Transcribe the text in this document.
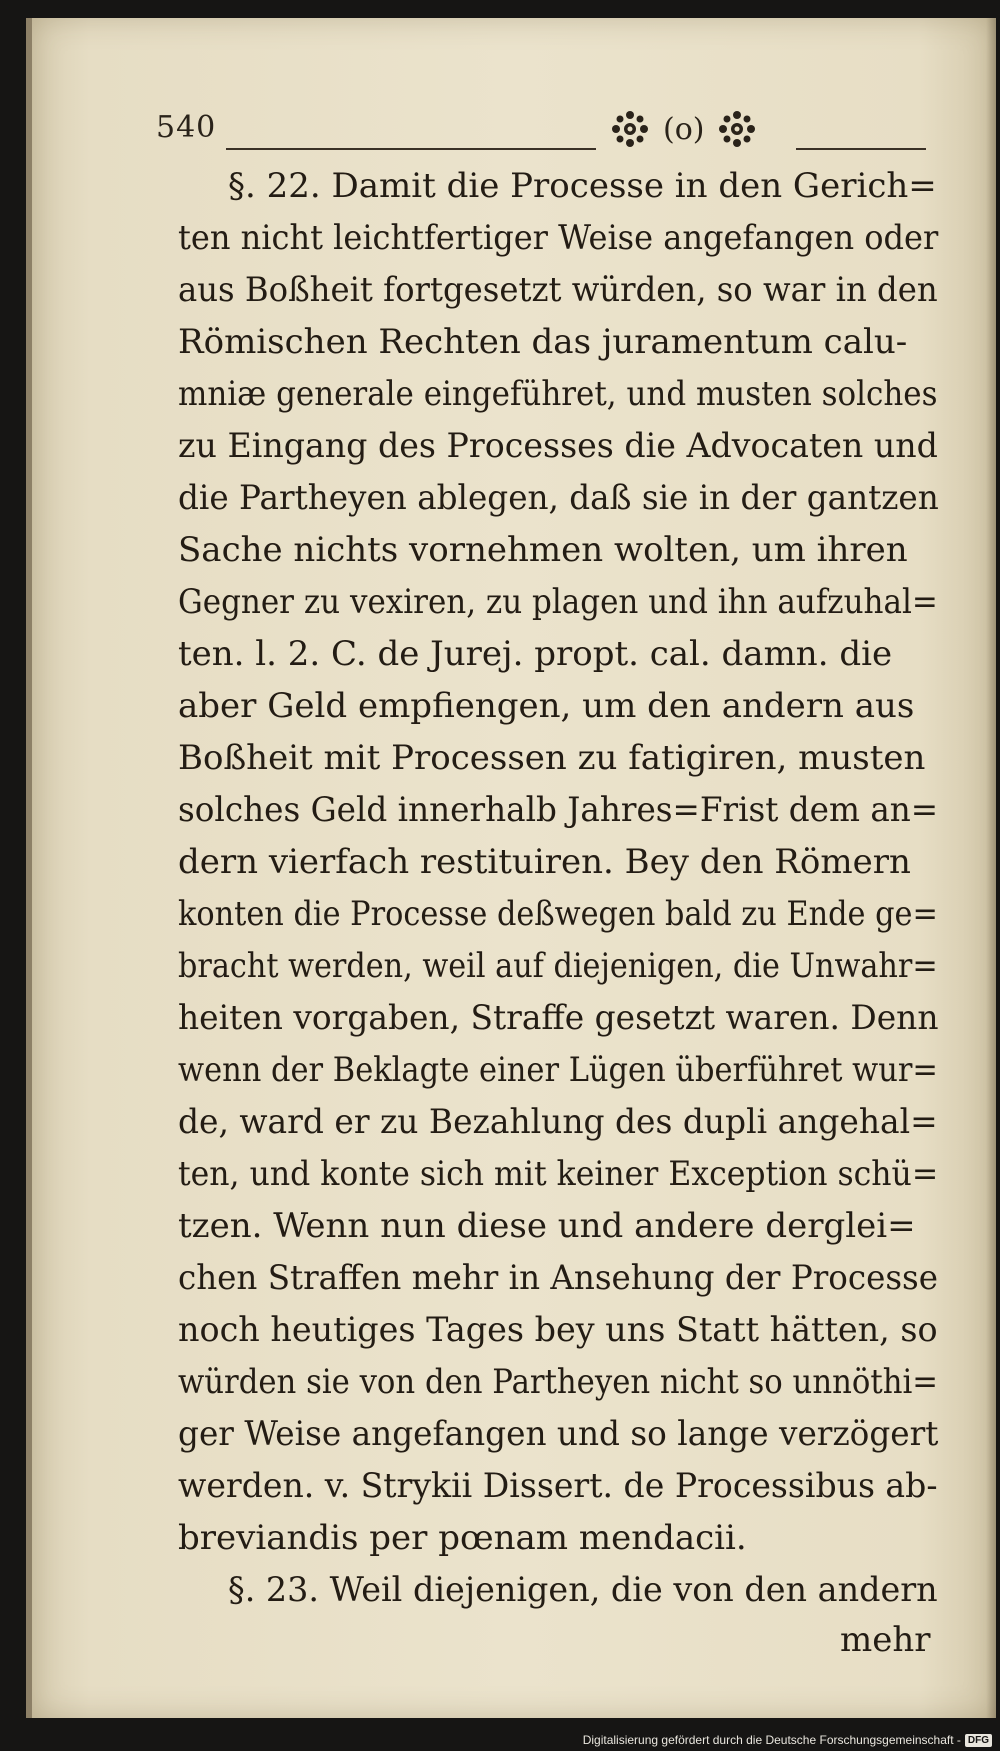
540	(o)
§. 22. Damit die Processe in den Gerich=
ten nicht leichtfertiger Weise angefangen oder
aus Boßheit fortgesetzt würden, so war in den
Römischen Rechten das juramentum calu-
mniæ generale eingeführet, und musten solches
zu Eingang des Processes die Advocaten und
die Partheyen ablegen, daß sie in der gantzen
Sache nichts vornehmen wolten, um ihren
Gegner zu vexiren, zu plagen und ihn aufzuhal=
ten. l. 2. C. de Jurej. propt. cal. damn. die
aber Geld empfiengen, um den andern aus
Boßheit mit Processen zu fatigiren, musten
solches Geld innerhalb Jahres=Frist dem an=
dern vierfach restituiren. Bey den Römern
konten die Processe deßwegen bald zu Ende ge=
bracht werden, weil auf diejenigen, die Unwahr=
heiten vorgaben, Straffe gesetzt waren. Denn
wenn der Beklagte einer Lügen überführet wur=
de, ward er zu Bezahlung des dupli angehal=
ten, und konte sich mit keiner Exception schü=
tzen. Wenn nun diese und andere derglei=
chen Straffen mehr in Ansehung der Processe
noch heutiges Tages bey uns Statt hätten, so
würden sie von den Partheyen nicht so unnöthi=
ger Weise angefangen und so lange verzögert
werden. v. Strykii Dissert. de Processibus ab-
breviandis per pœnam mendacii.
§. 23. Weil diejenigen, die von den andern
mehr
Digitalisierung gefördert durch die Deutsche Forschungsgemeinschaft - DFG
